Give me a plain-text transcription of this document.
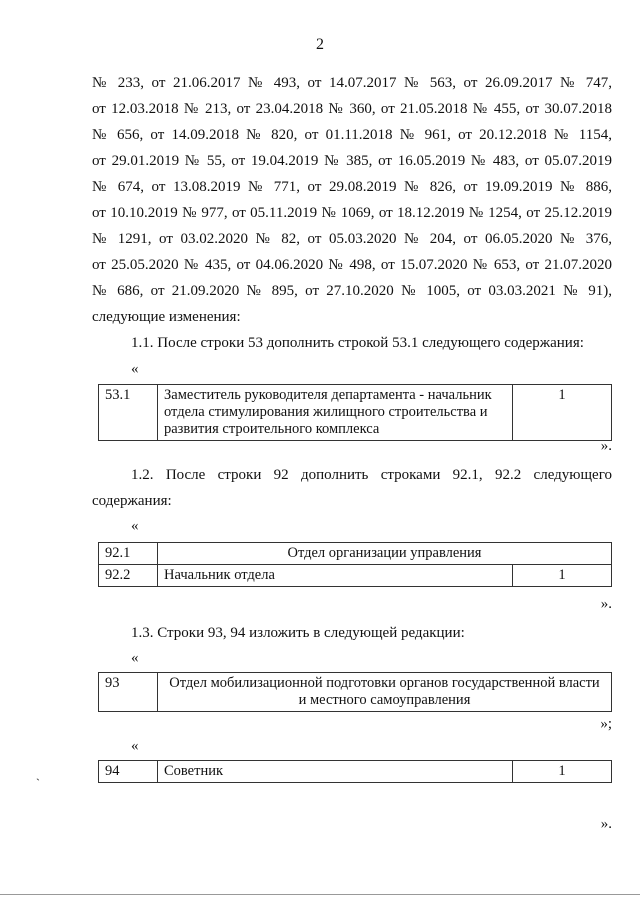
2
№ 233, от 21.06.2017 № 493, от 14.07.2017 № 563, от 26.09.2017 № 747,
от 12.03.2018 № 213, от 23.04.2018 № 360, от 21.05.2018 № 455, от 30.07.2018
№ 656, от 14.09.2018 № 820, от 01.11.2018 № 961, от 20.12.2018 № 1154,
от 29.01.2019 № 55, от 19.04.2019 № 385, от 16.05.2019 № 483, от 05.07.2019
№ 674, от 13.08.2019 № 771, от 29.08.2019 № 826, от 19.09.2019 № 886,
от 10.10.2019 № 977, от 05.11.2019 № 1069, от 18.12.2019 № 1254, от 25.12.2019
№ 1291, от 03.02.2020 № 82, от 05.03.2020 № 204, от 06.05.2020 № 376,
от 25.05.2020 № 435, от 04.06.2020 № 498, от 15.07.2020 № 653, от 21.07.2020
№ 686, от 21.09.2020 № 895, от 27.10.2020 № 1005, от 03.03.2021 № 91),
следующие изменения:
1.1. После строки 53 дополнить строкой 53.1 следующего содержания:
«
53.1	Заместитель руководителя департамента - начальник
отдела стимулирования жилищного строительства и
развития строительного комплекса
	1
».
1.2. После строки 92 дополнить строками 92.1, 92.2 следующего
содержания:
«
92.1	Отдел организации управления	
92.2	Начальник отдела	1
».
1.3. Строки 93, 94 изложить в следующей редакции:
«
93	Отдел мобилизационной подготовки органов государственной власти
и местного самоуправления
»;
«
94	Советник	1
».
`
